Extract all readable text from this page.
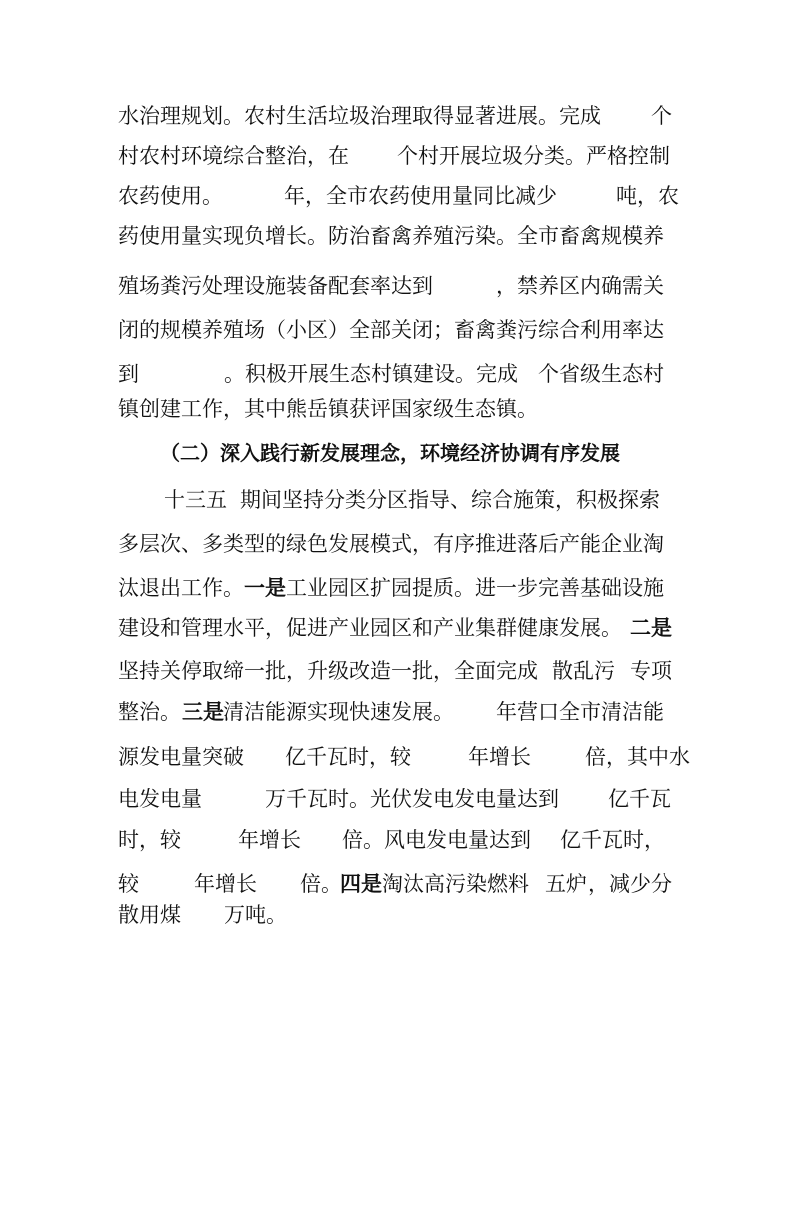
水治理规划。农村生活垃圾治理取得显著进展。完成

个

村农村环境综合整治，在

个村开展垃圾分类。严格控制

农药使用。

	年，全市农药使用量同比减少

	吨，农

药使用量实现负增长。防治畜禽养殖污染。全市畜禽规模养

殖场粪污处理设施装备配套率达到

	，禁养区内确需关

闭的规模养殖场（小区）全部关闭；畜禽粪污综合利用率达

到

	。积极开展生态村镇建设。完成

个省级生态村

镇创建工作，其中熊岳镇获评国家级生态镇。

（二）深入践行新发展理念，环境经济协调有序发展

十三五

期间坚持分类分区指导、综合施策，积极探索

多层次、多类型的绿色发展模式，有序推进落后产能企业淘

汰退出工作。

一是

工业园区扩园提质。进一步完善基础设施

建设和管理水平，促进产业园区和产业集群健康发展。

二是

坚持关停取缔一批，升级改造一批，全面完成

散乱污

专项

整治。

三是

清洁能源实现快速发展。

年营口全市清洁能

源发电量突破

亿千瓦时，较

	年增长

	倍，其中水

电发电量

	万千瓦时。光伏发电发电量达到

亿千瓦

时，较

	年增长

倍。风电发电量达到

亿千瓦时，

较

	年增长

倍。

四是

淘汰高污染燃料

五炉

，减少分

散用煤

万吨。
